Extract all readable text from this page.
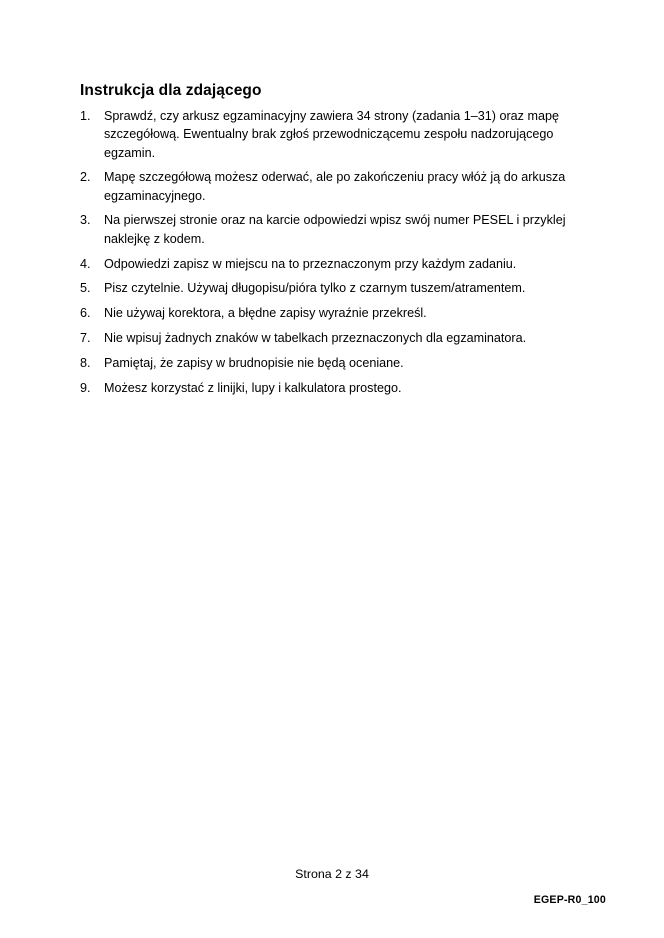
Instrukcja dla zdającego
1.	Sprawdź, czy arkusz egzaminacyjny zawiera 34 strony (zadania 1–31) oraz mapę szczegółową. Ewentualny brak zgłoś przewodniczącemu zespołu nadzorującego egzamin.
2.	Mapę szczegółową możesz oderwać, ale po zakończeniu pracy włóż ją do arkusza egzaminacyjnego.
3.	Na pierwszej stronie oraz na karcie odpowiedzi wpisz swój numer PESEL i przyklej naklejkę z kodem.
4.	Odpowiedzi zapisz w miejscu na to przeznaczonym przy każdym zadaniu.
5.	Pisz czytelnie. Używaj długopisu/pióra tylko z czarnym tuszem/atramentem.
6.	Nie używaj korektora, a błędne zapisy wyraźnie przekreśl.
7.	Nie wpisuj żadnych znaków w tabelkach przeznaczonych dla egzaminatora.
8.	Pamiętaj, że zapisy w brudnopisie nie będą oceniane.
9.	Możesz korzystać z linijki, lupy i kalkulatora prostego.
Strona 2 z 34
EGEP-R0_100
